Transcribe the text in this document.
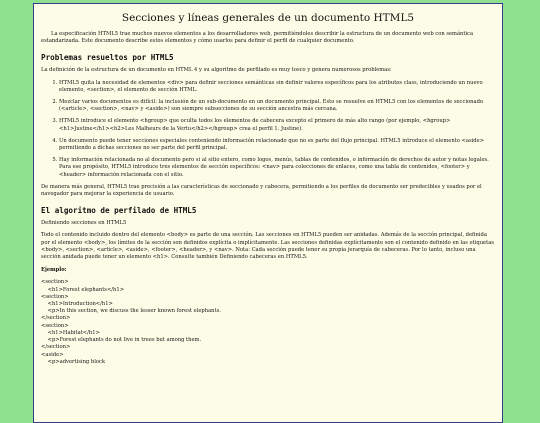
Secciones y líneas generales de un documento HTML5

La especificación HTML5 trae muchos nuevos elementos a los desarrolladores web, permitiéndoles describir la estructura de un documento web con semántica estandarizada. Este documento describe estos elementos y cómo usarlos para definir el perfil de cualquier documento.

Problemas resueltos por HTML5

La definición de la estructura de un documento en HTML 4 y su algoritmo de perfilado es muy tosco y genera numerosos problemas:

1. HTML5 quita la necesidad de elementos <div> para definir secciones semánticas sin definir valores específicos para los atributos class, introduciendo un nuevo elemento, <section>, el elemento de sección HTML.
2. Mezclar varios documentos es difícil: la inclusión de un sub-documento en un documento principal. Esto se resuelve en HTML5 con los elementos de seccionado (<article>, <section>, <nav> y <aside>) son siempre subsecciones de su sección ancestra más cercana.
3. HTML5 introduce el elemento <hgroup> que oculta todos los elementos de cabecera excepto el primero de más alto rango (por ejemplo, <hgroup><h1>Justine</h1><h2>Les Malheurs de la Vertu</h2></hgroup> crea el perfil 1. Justine).
4. Un documento puede tener secciones especiales conteniendo información relacionado que no es parte del flujo principal. HTML5 introduce el elemento <aside> permitiendo a dichas secciones no ser parte del perfil principal.
5. Hay información relacionada no al documento pero si al sitio entero, como logos, menús, tablas de contenidos, o información de derechos de autor y notas legales. Para ese propósito, HTML5 introduce tres elementos de sección específicos: <nav> para colecciones de enlaces, como una tabla de contenidos, <footer> y <header> información relacionada con el sitio.

De manera más general, HTML5 trae precisión a las características de seccionado y cabecera, permitiendo a los perfiles de documento ser predecibles y usados por el navegador para mejorar la experiencia de usuario.

El algoritmo de perfilado de HTML5

Definiendo secciones en HTML5

Todo el contenido incluido dentro del elemento <body> es parte de una sección. Las secciones en HTML5 pueden ser anidadas. Además de la sección principal, definida por el elemento <body>, los límites de la sección son definidos explícita o implícitamente. Las secciones definidas explícitamente son el contenido definido en las etiquetas <body>, <section>, <article>, <aside>, <footer>, <header>, y <nav>. Nota: Cada sección puede tener su propia jerarquía de cabeceras. Por lo tanto, incluso una sección anidada puede tener un elemento <h1>. Consulte también Definiendo cabeceras en HTML5.

Ejemplo:

<section>
<h1>Forest elephants</h1>
<section>
<h1>Introduction</h1>
<p>In this section, we discuss the lesser known forest elephants.
</section>
<section>
<h1>Habitat</h1>
<p>Forest elephants do not live in trees but among them.
</section>
<aside>
<p>advertising block
